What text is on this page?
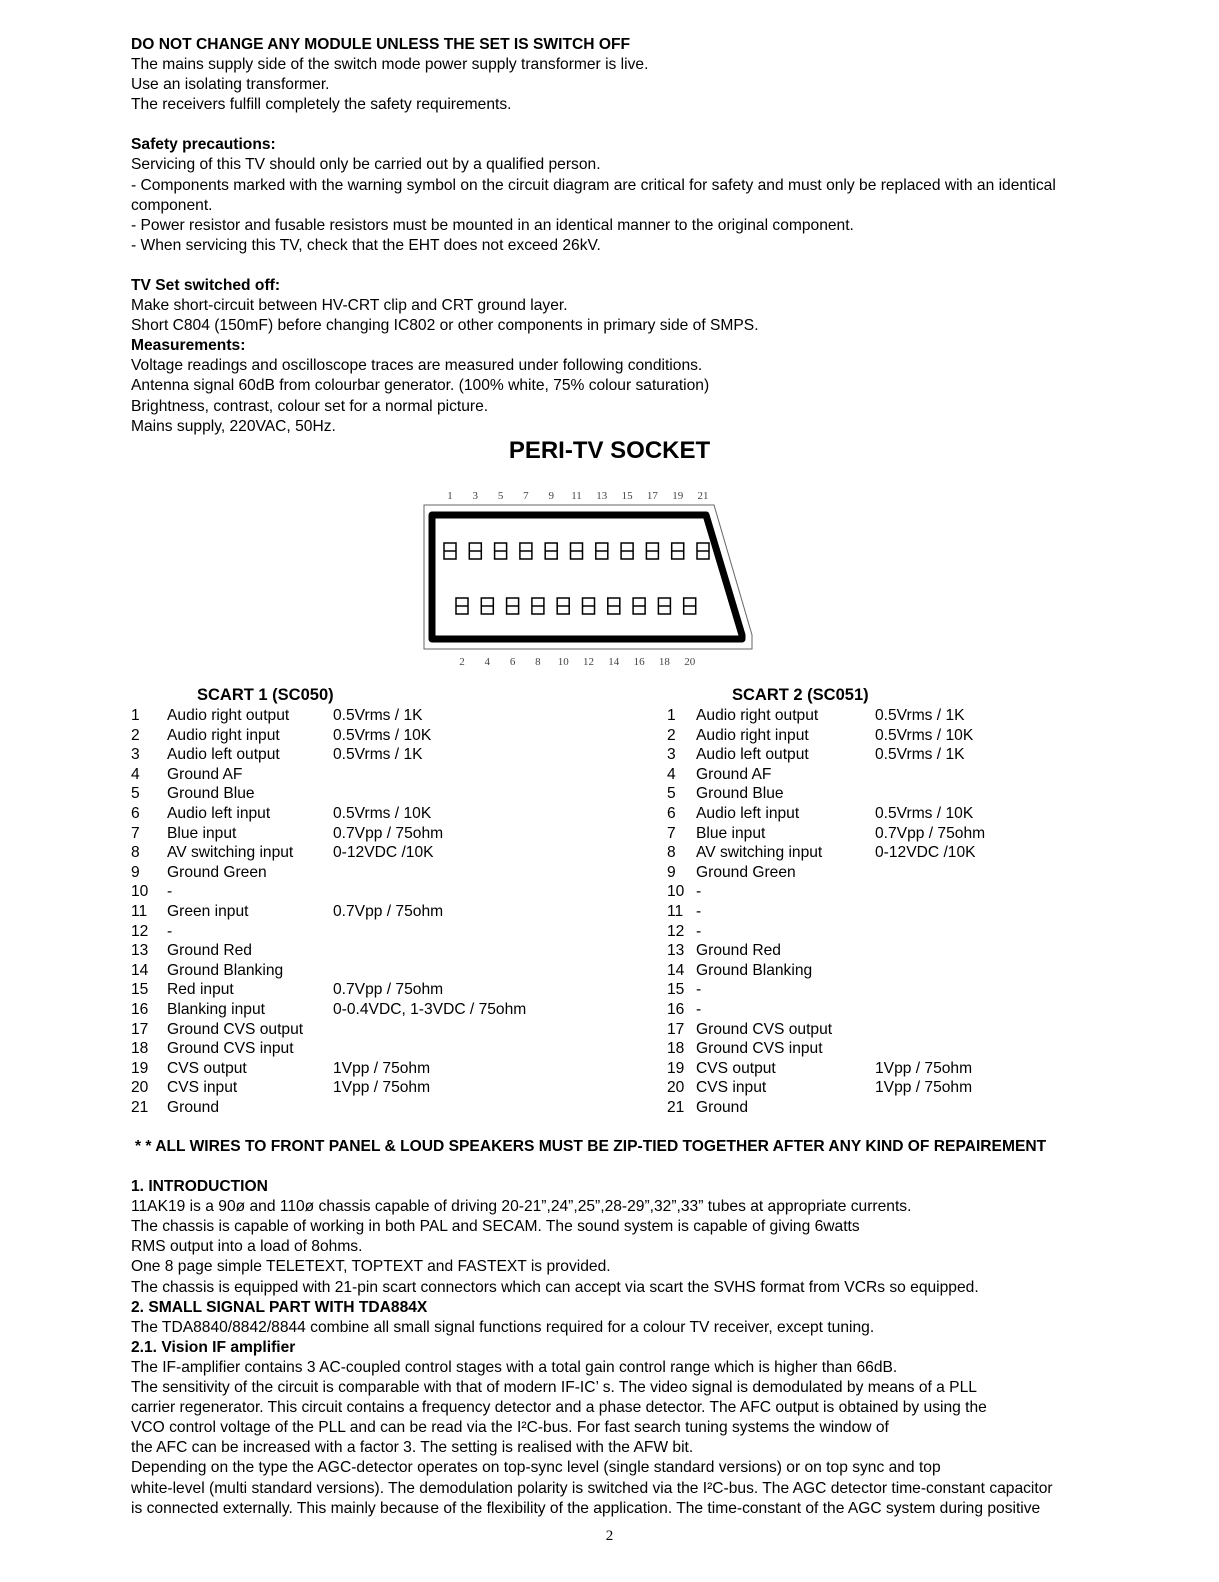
DO NOT CHANGE ANY MODULE UNLESS THE SET IS SWITCH OFF

The mains supply side of the switch mode power supply transformer is live.

Use an isolating transformer.

The receivers fulfill completely the safety requirements.

Safety precautions:

Servicing of this TV should only be carried out by a qualified person.

- Components marked with the warning symbol on the circuit diagram are critical for safety and must only be replaced with an identical component.

- Power resistor and fusable resistors must be mounted in an identical manner to the original component.

- When servicing this TV, check that the EHT does not exceed 26kV.

TV Set switched off:

Make short-circuit between HV-CRT clip and CRT ground layer.

Short C804 (150mF) before changing IC802 or other components in primary side of SMPS.

Measurements:

Voltage readings and oscilloscope traces are measured under following conditions.

Antenna signal 60dB from colourbar generator. (100% white, 75% colour saturation)

Brightness, contrast, colour set for a normal picture.

Mains supply, 220VAC, 50Hz.

PERI-TV SOCKET
1 3 5 7 9 11 13 15 17 19 21
2 4 6 8 10 12 14 16 18 20
SCART 1 (SC050)	SCART 2 (SC051)
1	Audio right output	0.5Vrms / 1K
2	Audio right input	0.5Vrms / 10K
3	Audio left output	0.5Vrms / 1K
4	Ground AF
5	Ground Blue
6	Audio left input	0.5Vrms / 10K
7	Blue input	0.7Vpp / 75ohm
8	AV switching input	0-12VDC /10K
9	Ground Green
10	-
11	Green input	0.7Vpp / 75ohm
12	-
13	Ground Red
14	Ground Blanking
15	Red input	0.7Vpp / 75ohm
16	Blanking input	0-0.4VDC, 1-3VDC / 75ohm
17	Ground CVS output
18	Ground CVS input
19	CVS output	1Vpp / 75ohm
20	CVS input	1Vpp / 75ohm
21	Ground
1	Audio right output	0.5Vrms / 1K
2	Audio right input	0.5Vrms / 10K
3	Audio left output	0.5Vrms / 1K
4	Ground AF
5	Ground Blue
6	Audio left input	0.5Vrms / 10K
7	Blue input	0.7Vpp / 75ohm
8	AV switching input	0-12VDC /10K
9	Ground Green
10 -
11 -
12 -
13 Ground Red
14 Ground Blanking
15 -
16 -
17 Ground CVS output
18 Ground CVS input
19 CVS output	1Vpp / 75ohm
20 CVS input	1Vpp / 75ohm
21 Ground

* * ALL WIRES TO FRONT PANEL & LOUD SPEAKERS MUST BE ZIP-TIED TOGETHER AFTER ANY KIND OF REPAIREMENT

1. INTRODUCTION

11AK19 is a 90ø and 110ø chassis capable of driving 20-21”,24”,25”,28-29”,32”,33” tubes at appropriate currents.

The chassis is capable of working in both PAL and SECAM. The sound system is capable of giving 6watts

RMS output into a load of 8ohms.

One 8 page simple TELETEXT, TOPTEXT and FASTEXT is provided.

The chassis is equipped with 21-pin scart connectors which can accept via scart the SVHS format from VCRs so equipped.

2. SMALL SIGNAL PART WITH TDA884X

The TDA8840/8842/8844 combine all small signal functions required for a colour TV receiver, except tuning.

2.1. Vision IF amplifier

The IF-amplifier contains 3 AC-coupled control stages with a total gain control range which is higher than 66dB.

The sensitivity of the circuit is comparable with that of modern IF-IC’ s. The video signal is demodulated by means of a PLL

carrier regenerator. This circuit contains a frequency detector and a phase detector. The AFC output is obtained by using the

VCO control voltage of the PLL and can be read via the I²C-bus. For fast search tuning systems the window of

the AFC can be increased with a factor 3. The setting is realised with the AFW bit.

Depending on the type the AGC-detector operates on top-sync level (single standard versions) or on top sync and top

white-level (multi standard versions). The demodulation polarity is switched via the I²C-bus. The AGC detector time-constant capacitor

is connected externally. This mainly because of the flexibility of the application. The time-constant of the AGC system during positive

2
